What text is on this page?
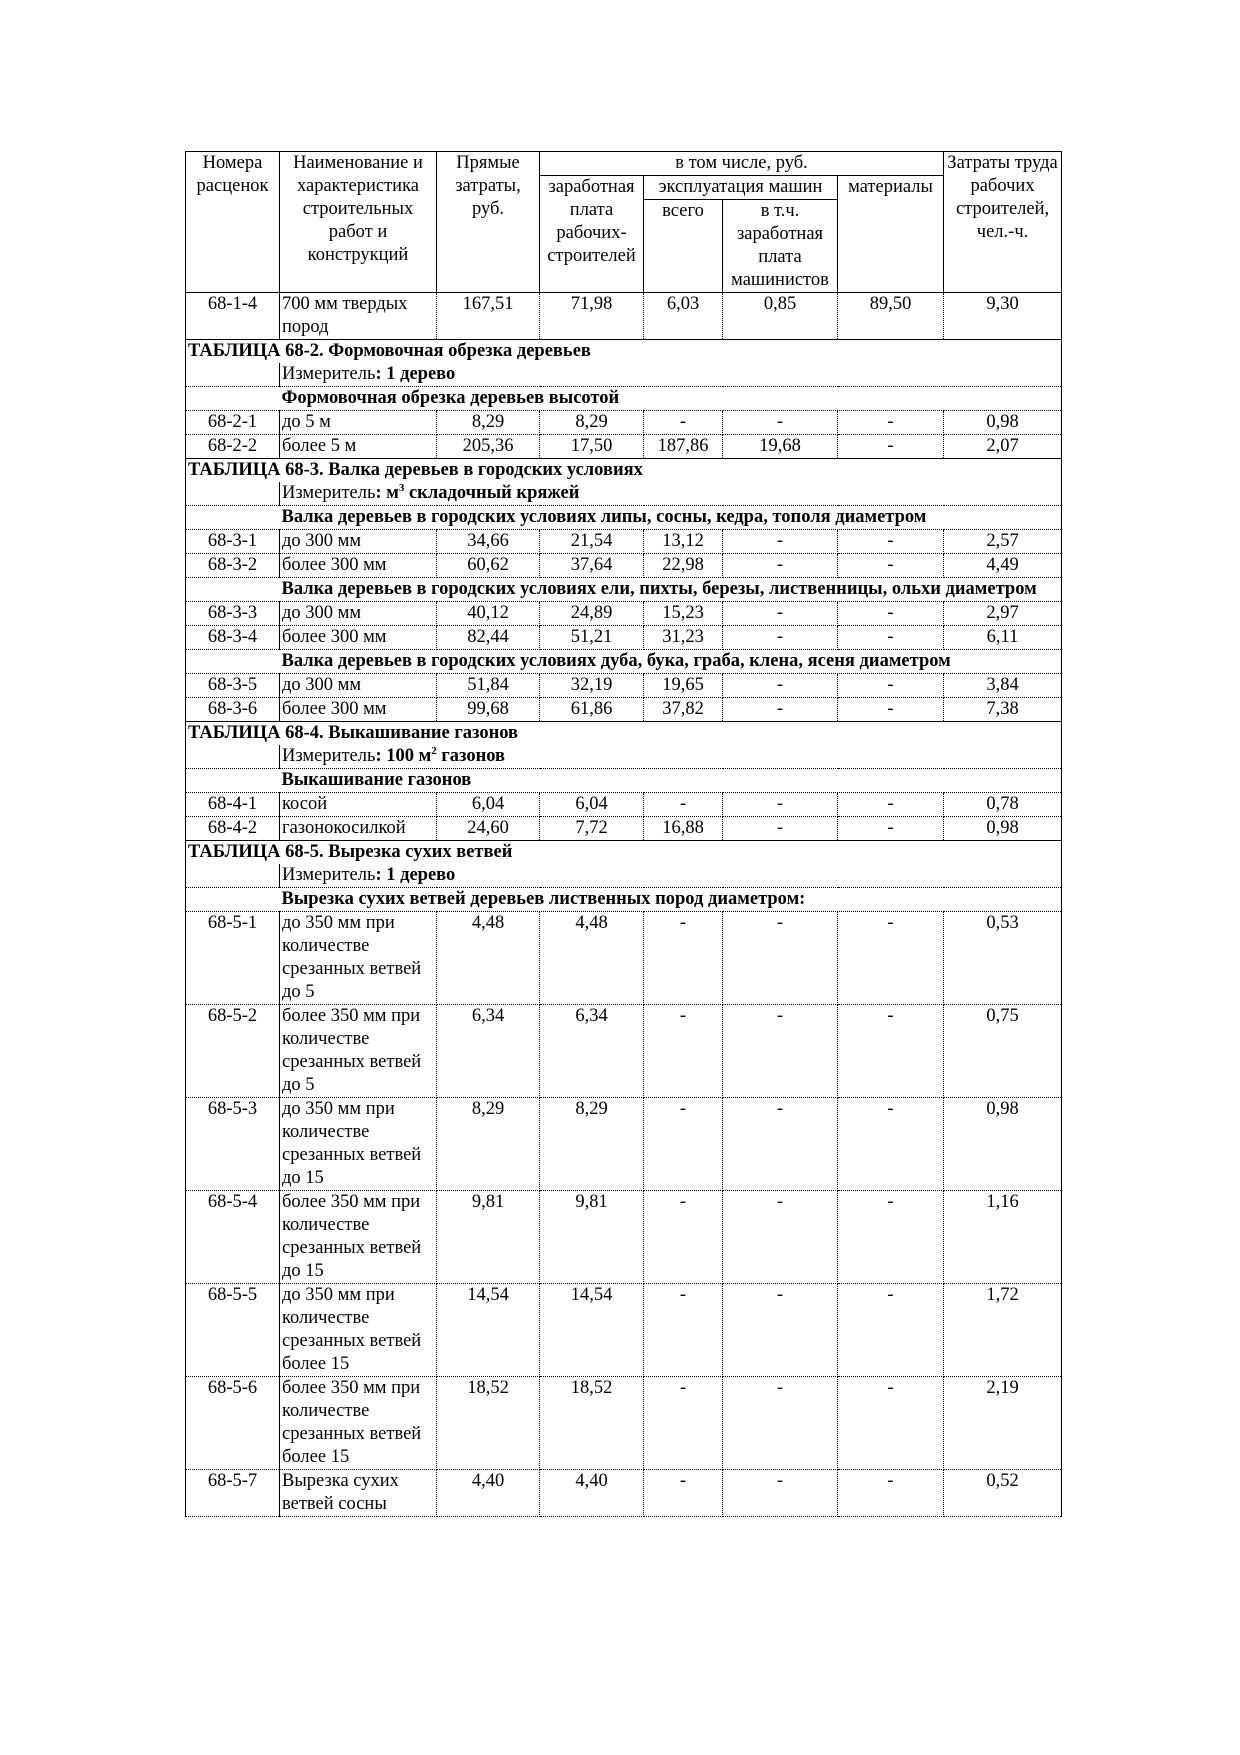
Номера расценок	Наименование и характеристика строительных работ и конструкций	Прямые затраты, руб.	в том числе, руб.				Затраты труда рабочих строителей, чел.-ч.
			заработная плата рабочих-строителей	эксплуатация машин		материалы	
				всего	в т.ч. заработная плата машинистов		
68-1-4	700 мм твердых пород	167,51	71,98	6,03	0,85	89,50	9,30
ТАБЛИЦА 68-2. Формовочная обрезка деревьев							
	Измеритель: 1 дерево						
	Формовочная обрезка деревьев высотой						
68-2-1	до 5 м	8,29	8,29	-	-	-	0,98
68-2-2	более 5 м	205,36	17,50	187,86	19,68	-	2,07
ТАБЛИЦА 68-3. Валка деревьев в городских условиях							
	Измеритель: $м^3$ складочный кряжей						
	Валка деревьев в городских условиях липы, сосны, кедра, тополя диаметром						
68-3-1	до 300 мм	34,66	21,54	13,12	-	-	2,57
68-3-2	более 300 мм	60,62	37,64	22,98	-	-	4,49
	Валка деревьев в городских условиях ели, пихты, березы, лиственницы, ольхи диаметром						
68-3-3	до 300 мм	40,12	24,89	15,23	-	-	2,97
68-3-4	более 300 мм	82,44	51,21	31,23	-	-	6,11
	Валка деревьев в городских условиях дуба, бука, граба, клена, ясеня диаметром						
68-3-5	до 300 мм	51,84	32,19	19,65	-	-	3,84
68-3-6	более 300 мм	99,68	61,86	37,82	-	-	7,38
ТАБЛИЦА 68-4. Выкашивание газонов							
	Измеритель: 100 $м^2$ газонов						
	Выкашивание газонов						
68-4-1	косой	6,04	6,04	-	-	-	0,78
68-4-2	газонокосилкой	24,60	7,72	16,88	-	-	0,98
ТАБЛИЦА 68-5. Вырезка сухих ветвей							
	Измеритель: 1 дерево						
	Вырезка сухих ветвей деревьев лиственных пород диаметром:						
68-5-1	до 350 мм при количестве срезанных ветвей до 5	4,48	4,48	-	-	-	0,53
68-5-2	более 350 мм при количестве срезанных ветвей до 5	6,34	6,34	-	-	-	0,75
68-5-3	до 350 мм при количестве срезанных ветвей до 15	8,29	8,29	-	-	-	0,98
68-5-4	более 350 мм при количестве срезанных ветвей до 15	9,81	9,81	-	-	-	1,16
68-5-5	до 350 мм при количестве срезанных ветвей более 15	14,54	14,54	-	-	-	1,72
68-5-6	более 350 мм при количестве срезанных ветвей более 15	18,52	18,52	-	-	-	2,19
68-5-7	Вырезка сухих ветвей сосны	4,40	4,40	-	-	-	0,52
